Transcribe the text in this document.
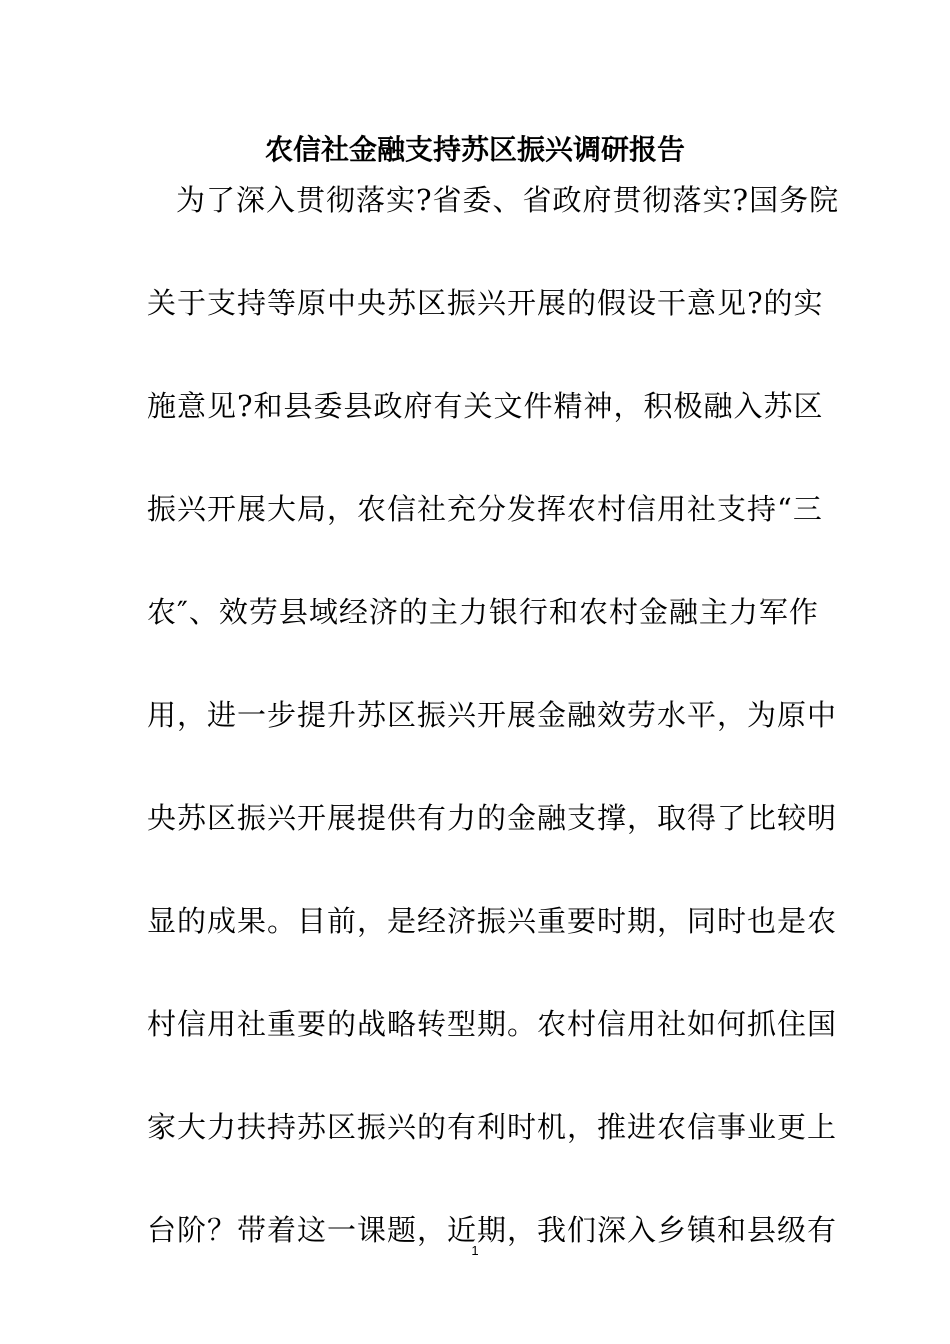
农信社金融支持苏区振兴调研报告
为了深入贯彻落实?省委、省政府贯彻落实?国务院
关于支持等原中央苏区振兴开展的假设干意见?的实
施意见?和县委县政府有关文件精神，积极融入苏区
振兴开展大局，农信社充分发挥农村信用社支持“三
农″、效劳县域经济的主力银行和农村金融主力军作
用，进一步提升苏区振兴开展金融效劳水平，为原中
央苏区振兴开展提供有力的金融支撑，取得了比较明
显的成果。目前，是经济振兴重要时期，同时也是农
村信用社重要的战略转型期。农村信用社如何抓住国
家大力扶持苏区振兴的有利时机，推进农信事业更上
台阶？带着这一课题，近期，我们深入乡镇和县级有
1
